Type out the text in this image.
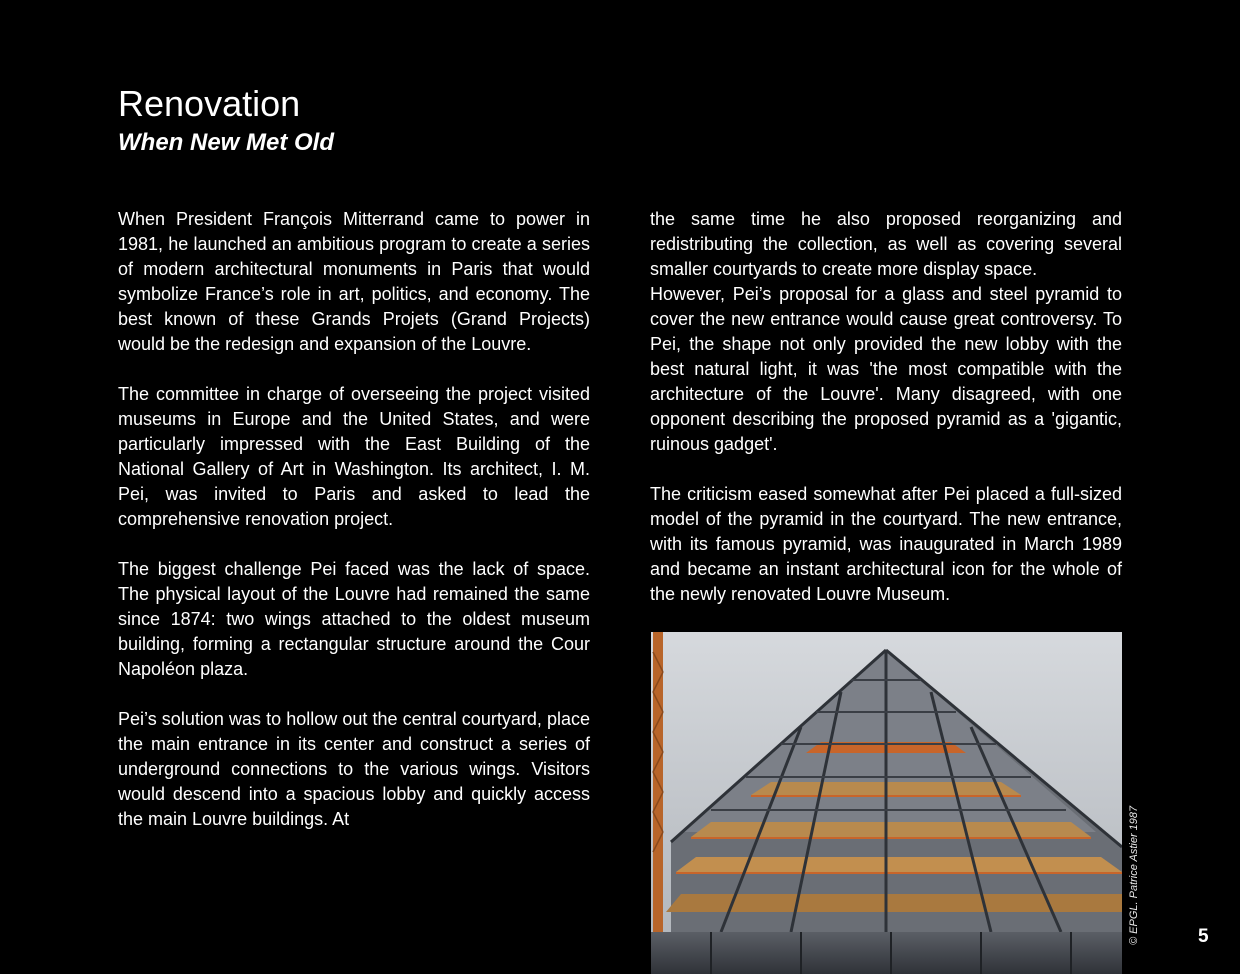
Renovation
When New Met Old

When President François Mitterrand came to power in 1981, he launched an ambitious program to create a series of modern architectural monuments in Paris that would symbolize France’s role in art, politics, and economy. The best known of these Grands Projets (Grand Projects) would be the redesign and expansion of the Louvre.

The committee in charge of overseeing the project visited museums in Europe and the United States, and were particularly impressed with the East Building of the National Gallery of Art in Washington. Its architect, I. M. Pei, was invited to Paris and asked to lead the comprehensive renovation project.

The biggest challenge Pei faced was the lack of space. The physical layout of the Louvre had remained the same since 1874: two wings attached to the oldest museum building, forming a rectangular structure around the Cour Napoléon plaza.

Pei’s solution was to hollow out the central courtyard, place the main entrance in its center and construct a series of underground connections to the various wings. Visitors would descend into a spacious lobby and quickly access the main Louvre buildings. At

the same time he also proposed reorganizing and redistributing the collection, as well as covering several smaller courtyards to create more display space.

However, Pei’s proposal for a glass and steel pyramid to cover the new entrance would cause great controversy. To Pei, the shape not only provided the new lobby with the best natural light, it was 'the most compatible with the architecture of the Louvre'. Many disagreed, with one opponent describing the proposed pyramid as a 'gigantic, ruinous gadget'.

The criticism eased somewhat after Pei placed a full-sized model of the pyramid in the courtyard. The new entrance, with its famous pyramid, was inaugurated in March 1989 and became an instant architectural icon for the whole of the newly renovated Louvre Museum.

© EPGL. Patrice Astier 1987	5
